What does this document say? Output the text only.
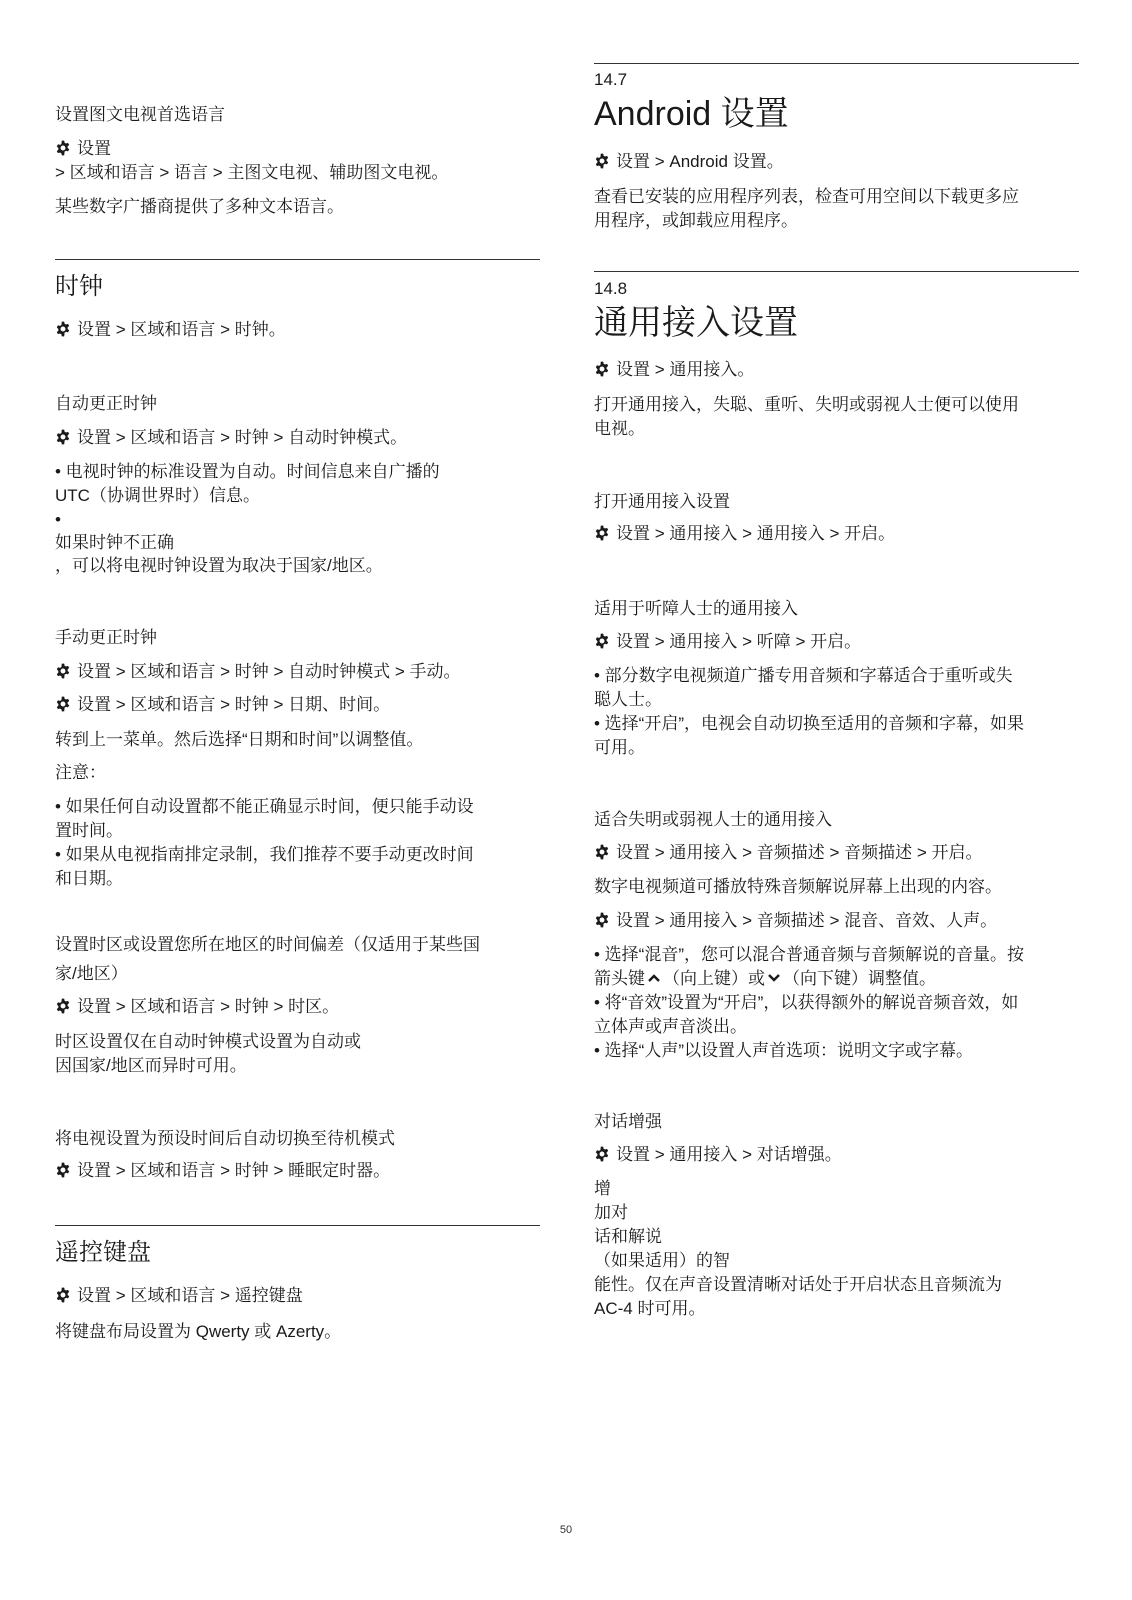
设置图文电视首选语言

设置

> 区域和语言 > 语言 > 主图文电视、辅助图文电视。

某些数字广播商提供了多种文本语言。

时钟

设置 > 区域和语言 > 时钟。

自动更正时钟

设置 > 区域和语言 > 时钟 > 自动时钟模式。

• 电视时钟的标准设置为自动。时间信息来自广播的

UTC（协调世界时）信息。

•

如果时钟不正确

，可以将电视时钟设置为取决于国家/地区。

手动更正时钟

设置 > 区域和语言 > 时钟 > 自动时钟模式 > 手动。

设置 > 区域和语言 > 时钟 > 日期、时间。

转到上一菜单。然后选择“日期和时间”以调整值。

注意：

• 如果任何自动设置都不能正确显示时间，便只能手动设

置时间。

• 如果从电视指南排定录制，我们推荐不要手动更改时间

和日期。

设置时区或设置您所在地区的时间偏差（仅适用于某些国

家/地区）

设置 > 区域和语言 > 时钟 > 时区。

时区设置仅在自动时钟模式设置为自动或

因国家/地区而异时可用。

将电视设置为预设时间后自动切换至待机模式

设置 > 区域和语言 > 时钟 > 睡眠定时器。

遥控键盘

设置 > 区域和语言 > 遥控键盘

将键盘布局设置为 Qwerty 或 Azerty。

14.7
Android 设置

设置 > Android 设置。

查看已安装的应用程序列表，检查可用空间以下载更多应

用程序，或卸载应用程序。

14.8
通用接入设置

设置 > 通用接入。

打开通用接入，失聪、重听、失明或弱视人士便可以使用

电视。

打开通用接入设置

设置 > 通用接入 > 通用接入 > 开启。

适用于听障人士的通用接入

设置 > 通用接入 > 听障 > 开启。

• 部分数字电视频道广播专用音频和字幕适合于重听或失

聪人士。

• 选择“开启”，电视会自动切换至适用的音频和字幕，如果

可用。

适合失明或弱视人士的通用接入

设置 > 通用接入 > 音频描述 > 音频描述 > 开启。

数字电视频道可播放特殊音频解说屏幕上出现的内容。

设置 > 通用接入 > 音频描述 > 混音、音效、人声。

• 选择“混音”，您可以混合普通音频与音频解说的音量。按

箭头键 （向上键）或 （向下键）调整值。

• 将“音效”设置为“开启”，以获得额外的解说音频音效，如

立体声或声音淡出。

• 选择“人声”以设置人声首选项：说明文字或字幕。

对话增强

设置 > 通用接入 > 对话增强。

增

加对

话和解说

（如果适用）的智

能性。仅在声音设置清晰对话处于开启状态且音频流为

AC-4 时可用。

50
